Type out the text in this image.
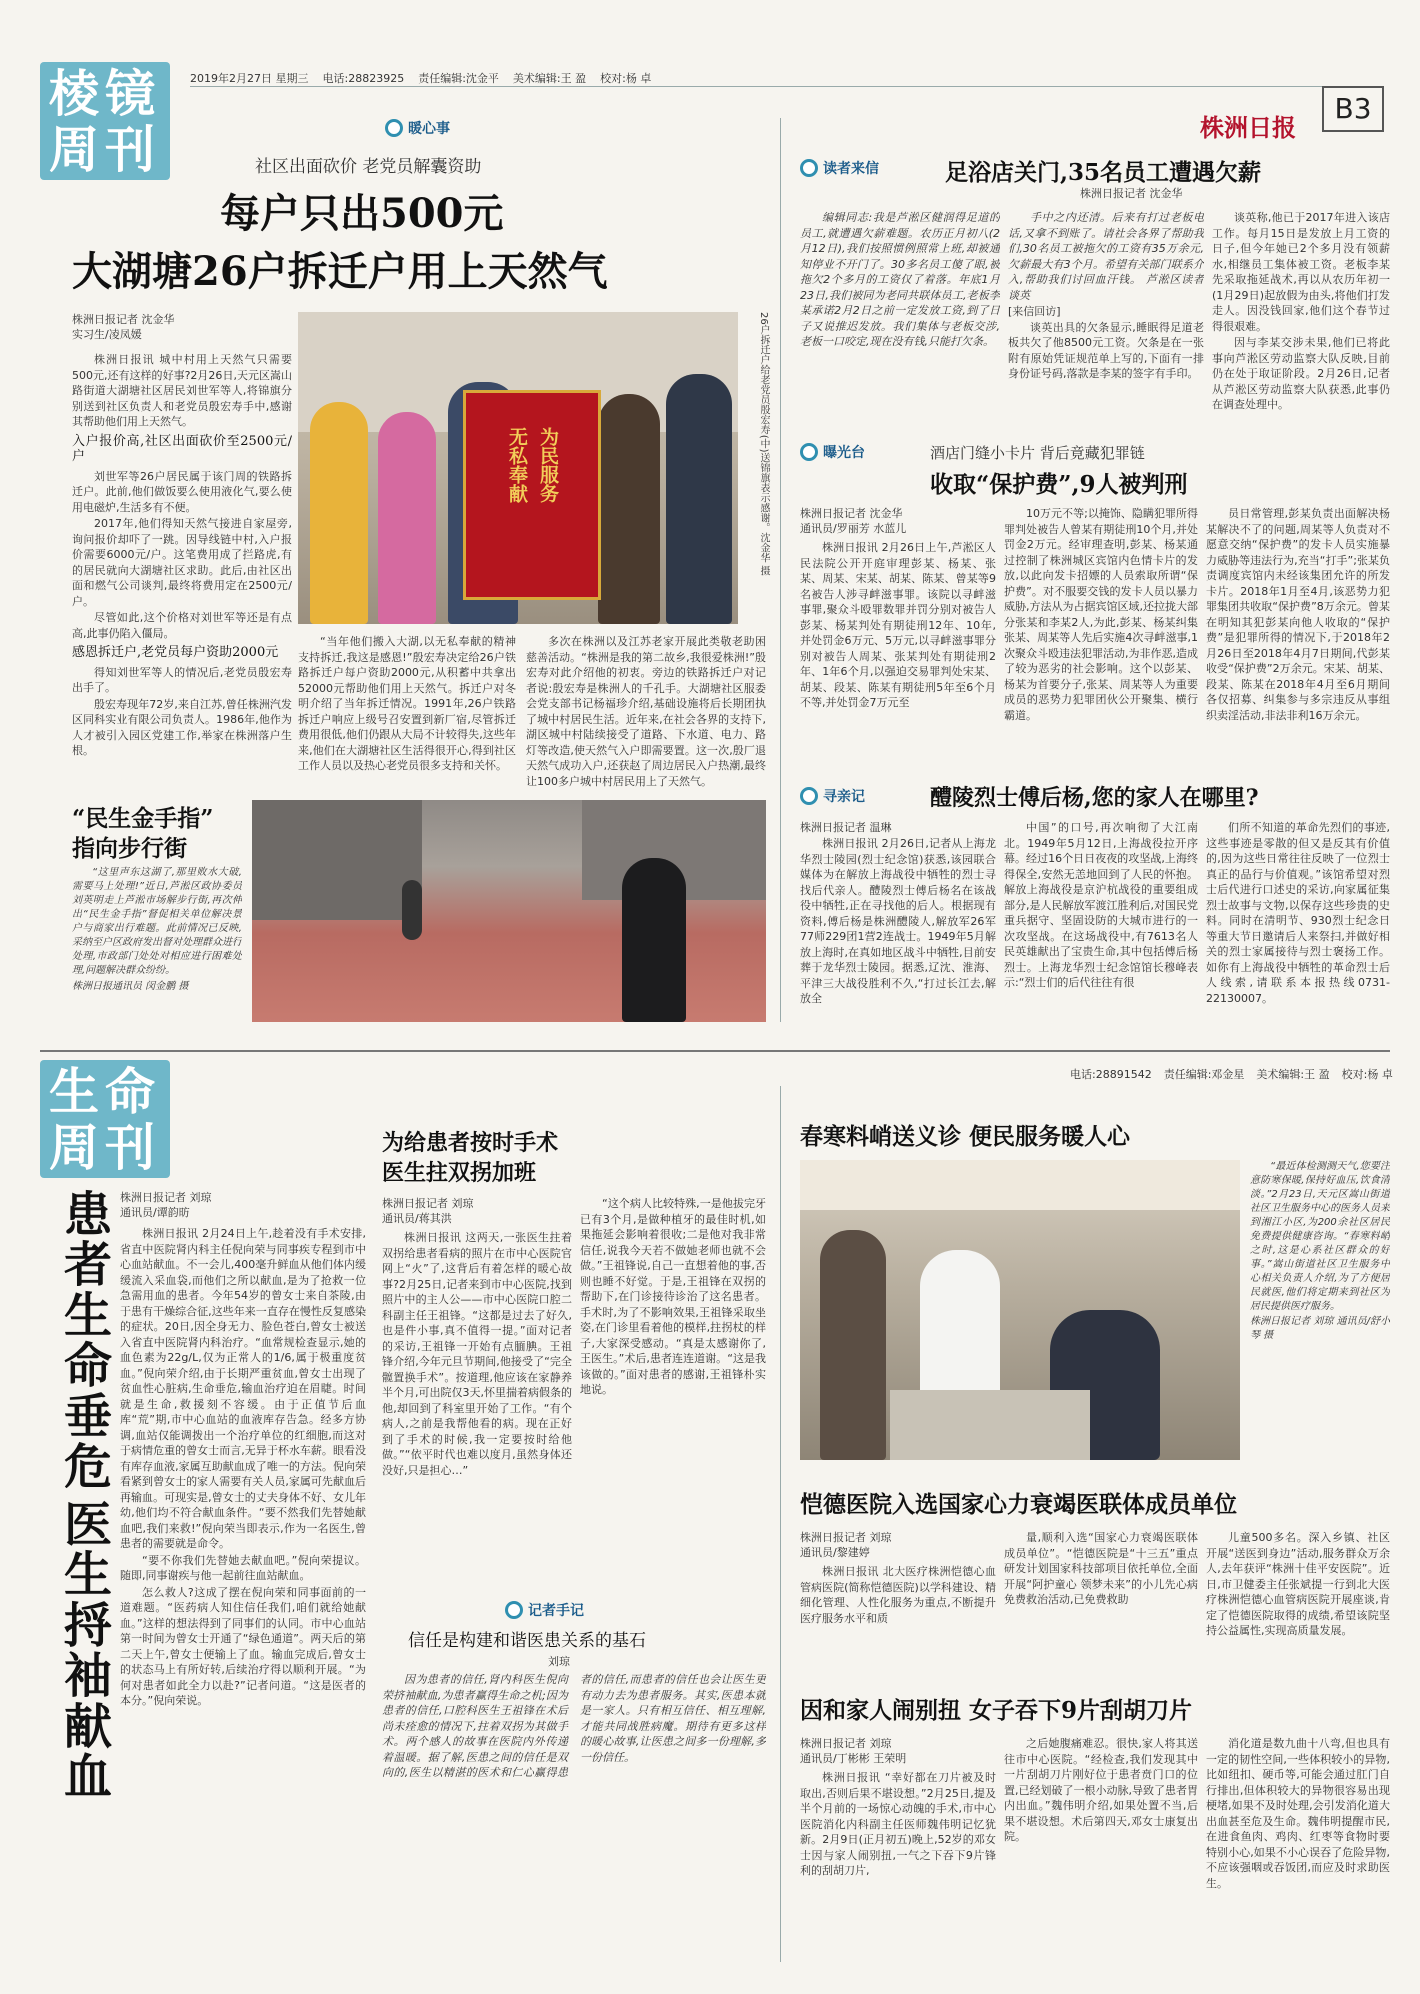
棱镜周刊
2019年2月27日 星期三 电话:28823925 责任编辑:沈金平 美术编辑:王 盈 校对:杨 卓
株洲日报
B3
暖心事
社区出面砍价 老党员解囊资助
每户只出500元
大湖塘26户拆迁户用上天然气
株洲日报记者 沈金华
实习生/凌凤媛

株洲日报讯 城中村用上天然气只需要500元,还有这样的好事?2月26日,天元区嵩山路街道大湖塘社区居民刘世军等人,将锦旗分别送到社区负责人和老党员殷宏寿手中,感谢其帮助他们用上天然气。

入户报价高,社区出面砍价至2500元/户

刘世军等26户居民属于该门周的铁路拆迁户。此前,他们做饭要么使用液化气,要么使用电磁炉,生活多有不便。

2017年,他们得知天然气接进自家屋旁,询问报价却吓了一跳。因导线链中村,入户报价需要6000元/户。这笔费用成了拦路虎,有的居民就向大湖塘社区求助。此后,由社区出面和燃气公司谈判,最终将费用定在2500元/户。

尽管如此,这个价格对刘世军等还是有点高,此事仍陷入僵局。

感恩拆迁户,老党员每户资助2000元

得知刘世军等人的情况后,老党员殷宏寿出手了。

殷宏寿现年72岁,来自江苏,曾任株洲汽发区同科实业有限公司负责人。1986年,他作为人才被引入园区党建工作,举家在株洲落户生根。

无私奉献 为民服务	26户拆迁户给老党员殷宏寿(中)送锦旗表示感谢。沈金华 摄

“当年他们搬入大湖,以无私奉献的精神支持拆迁,我这是感恩!”殷宏寿决定给26户铁路拆迁户每户资助2000元,从积蓄中共拿出52000元帮助他们用上天然气。拆迁户对冬明介绍了当年拆迁情况。1991年,26户铁路拆迁户响应上级号召安置到新厂宿,尽管拆迁费用很低,他们仍跟从大局不计较得失,这些年来,他们在大湖塘社区生活得很开心,得到社区工作人员以及热心老党员很多支持和关怀。

多次在株洲以及江苏老家开展此类敬老助困慈善活动。“株洲是我的第二故乡,我很爱株洲!”殷宏寿对此介绍他的初衷。旁边的铁路拆迁户对记者说:殷宏寿是株洲人的千孔手。大湖塘社区服委会党支部书记杨福珍介绍,基础设施将后长期团执了城中村居民生活。近年来,在社会各界的支持下,湖区城中村陆续接受了道路、下水道、电力、路灯等改造,使天然气入户即需要置。这一次,殷厂退天然气成功入户,还获赵了周边居民入户热潮,最终让100多户城中村居民用上了天然气。

“民生金手指”
指向步行街

“这里声东这湖了,那里败水大破,需要马上处理!”近日,芦淞区政协委员刘英明走上芦淞市场解步行街,再次伸出“民生金手指”督促相关单位解决景户与商家出行难题。此前情况已反映,采纳至户区政府发出督对处理群众进行处理,市政部门处处对相应进行困难处理,问题解决群众纷纷。

株洲日报通讯员 闵金鹏 摄
读者来信	足浴店关门,35名员工遭遇欠薪
株洲日报记者 沈金华

编辑同志:我是芦淞区健润得足道的员工,就遭遇欠薪难题。农历正月初八(2月12日),我们按照惯例照常上班,却被通知停业不开门了。30多名员工傻了眼,被拖欠2个多月的工资仅了着落。年底1月23日,我们被同为老同共联体员工,老板李某承诺2月2日之前一定发放工资,到了日子又说推迟发放。我们集体与老板交涉,老板一口咬定,现在没有钱,只能打欠条。

手中之内还清。后来有打过老板电话,又拿不到账了。请社会各界了帮助我们,30名员工被拖欠的工资有35万余元,欠薪最大有3个月。希望有关部门联系介入,帮助我们讨回血汗钱。 芦淞区读者 谈英

[来信回访]

谈英出具的欠条显示,睡眠得足道老板共欠了他8500元工资。欠条是在一张附有原始凭证规范单上写的,下面有一排身份证号码,落款是李某的签字有手印。

谈英称,他已于2017年进入该店工作。每月15日是发放上月工资的日子,但今年她已2个多月没有领薪水,相继员工集体被工资。老板李某先采取拖延战术,再以从农历年初一(1月29日)起放假为由头,将他们打发走人。因没钱回家,他们这个春节过得很艰难。

因与李某交涉未果,他们已将此事向芦淞区劳动监察大队反映,目前仍在处于取证阶段。2月26日,记者从芦淞区劳动监察大队获悉,此事仍在调查处理中。

曝光台	酒店门缝小卡片 背后竟藏犯罪链
收取“保护费”,9人被判刑
株洲日报记者 沈金华
通讯员/罗丽芳 水蓝儿

株洲日报讯 2月26日上午,芦淞区人民法院公开开庭审理彭某、杨某、张某、周某、宋某、胡某、陈某、曾某等9名被告人涉寻衅滋事罪。该院以寻衅滋事罪,聚众斗殴罪数罪并罚分别对被告人彭某、杨某判处有期徒刑12年、10年,并处罚金6万元、5万元,以寻衅滋事罪分别对被告人周某、张某判处有期徒刑2年、1年6个月,以强迫交易罪判处宋某、胡某、段某、陈某有期徒刑5年至6个月不等,并处罚金7万元至

10万元不等;以掩饰、隐瞒犯罪所得罪判处被告人曾某有期徒刑10个月,并处罚金2万元。经审理查明,彭某、杨某通过控制了株洲城区宾馆内色情卡片的发放,以此向发卡招嫖的人员索取所谓“保护费”。对不服要交钱的发卡人员以暴力威胁,方法从为占据宾馆区域,还拉拢大部分张某和李某2人,为此,彭某、杨某纠集张某、周某等人先后实施4次寻衅滋事,1次聚众斗殴违法犯罪活动,为非作恶,造成了较为恶劣的社会影响。这个以彭某、杨某为首要分子,张某、周某等人为重要成员的恶势力犯罪团伙公开聚集、横行霸道。

员日常管理,彭某负责出面解决杨某解决不了的问题,周某等人负责对不愿意交纳“保护费”的发卡人员实施暴力威胁等违法行为,充当“打手”;张某负责调度宾馆内未经该集团允许的所发卡片。2018年1月至4月,该恶势力犯罪集团共收取“保护费”8万余元。曾某在明知其犯彭某向他人收取的“保护费”是犯罪所得的情况下,于2018年2月26日至2018年4月7日期间,代彭某收受“保护费”2万余元。宋某、胡某、段某、陈某在2018年4月至6月期间各仅招募、纠集参与多宗违反从事组织卖淫活动,非法非利16万余元。

寻亲记	醴陵烈士傅后杨,您的家人在哪里?
株洲日报记者 温琳

株洲日报讯 2月26日,记者从上海龙华烈士陵园(烈士纪念馆)获悉,该园联合媒体为在解放上海战役中牺牲的烈士寻找后代亲人。醴陵烈士傅后杨名在该战役中牺牲,正在寻找他的后人。根据现有资料,傅后杨是株洲醴陵人,解放军26军77师229团1营2连战士。1949年5月解放上海时,在真如地区战斗中牺牲,目前安葬于龙华烈士陵园。据悉,辽沈、淮海、平津三大战役胜利不久,“打过长江去,解放全

中国”的口号,再次响彻了大江南北。1949年5月12日,上海战役拉开序幕。经过16个日日夜夜的攻坚战,上海终得保全,安然无恙地回到了人民的怀抱。解放上海战役是京沪杭战役的重要组成部分,是人民解放军渡江胜利后,对国民党重兵据守、坚固设防的大城市进行的一次攻坚战。在这场战役中,有7613名人民英雄献出了宝贵生命,其中包括傅后杨烈士。上海龙华烈士纪念馆馆长穆峰表示:“烈士们的后代往往有很

们所不知道的革命先烈们的事迹,这些事迹是零散的但又是反其有价值的,因为这些日常往往反映了一位烈士真正的品行与价值观。”该馆希望对烈士后代进行口述史的采访,向家属征集烈士故事与文物,以保存这些珍贵的史料。同时在清明节、930烈士纪念日等重大节日邀请后人来祭扫,并做好相关的烈士家属接待与烈士褒扬工作。如你有上海战役中牺牲的革命烈士后人线索,请联系本报热线0731-22130007。

生命周刊
电话:28891542 责任编辑:邓金星 美术编辑:王 盈 校对:杨 卓
患者生命垂危
医生捋袖献血
株洲日报记者 刘琼
通讯员/谭韵昉

株洲日报讯 2月24日上午,趁着没有手术安排,省直中医院肾内科主任倪向荣与同事疾专程到市中心血站献血。不一会儿,400毫升鲜血从他们体内缓缓流入采血袋,而他们之所以献血,是为了抢救一位急需用血的患者。今年54岁的曾女士来自茶陵,由于患有干燥综合征,这些年来一直存在慢性反复感染的症状。20日,因全身无力、脸色苍白,曾女士被送入省直中医院肾内科治疗。“血常规检查显示,她的血色素为22g/L,仅为正常人的1/6,属于极重度贫血。”倪向荣介绍,由于长期严重贫血,曾女士出现了贫血性心脏病,生命垂危,输血治疗迫在眉睫。时间就是生命,救援刻不容缓。由于正值节后血库“荒”期,市中心血站的血液库存告急。经多方协调,血站仅能调拨出一个治疗单位的红细胞,而这对于病情危重的曾女士而言,无异于杯水车薪。眼看没有库存血液,家属互助献血成了唯一的方法。倪向荣看紧到曾女士的家人需要有关人员,家属可先献血后再输血。可现实是,曾女士的丈夫身体不好、女儿年幼,他们均不符合献血条件。“要不然我们先替她献血吧,我们来救!”倪向荣当即表示,作为一名医生,曾患者的需要就是命令。

“要不你我们先替她去献血吧。”倪向荣提议。随即,同事谢疾与他一起前往血站献血。

怎么救人?这成了摆在倪向荣和同事面前的一道难题。“医药病人知住信任我们,咱们就给她献血。”这样的想法得到了同事们的认同。市中心血站第一时间为曾女士开通了“绿色通道”。两天后的第二天上午,曾女士便输上了血。输血完成后,曾女士的状态马上有所好转,后续治疗得以顺利开展。“为何对患者如此全力以赴?”记者问道。“这是医者的本分。”倪向荣说。

为给患者按时手术
医生拄双拐加班
株洲日报记者 刘琼
通讯员/蒋其洪

株洲日报讯 这两天,一张医生拄着双拐给患者看病的照片在市中心医院官网上“火”了,这背后有着怎样的暖心故事?2月25日,记者来到市中心医院,找到照片中的主人公——市中心医院口腔二科副主任王祖锋。“这都是过去了好久,也是件小事,真不值得一提。”面对记者的采访,王祖锋一开始有点腼腆。王祖锋介绍,今年元旦节期间,他接受了“完全髋置换手术”。按道理,他应该在家静养半个月,可出院仅3天,怀里揣着病假条的他,却回到了科室里开始了工作。“有个病人,之前是我帮他看的病。现在正好到了手术的时候,我一定要按时给他做。”“依平时代也难以度月,虽然身体还没好,只是担心…”

“这个病人比较特殊,一是他拔完牙已有3个月,是做种植牙的最佳时机,如果拖延会影响着很收;二是他对我非常信任,说我今天若不做她老师也就不会做。”王祖锋说,自己一直想着他的事,否则也睡不好觉。于是,王祖锋在双拐的帮助下,在门诊接待诊治了这名患者。手术时,为了不影响效果,王祖锋采取坐姿,在门诊里看着他的模样,拄拐杖的样子,大家深受感动。“真是太感谢你了,王医生。”术后,患者连连道谢。“这是我该做的。”面对患者的感谢,王祖锋朴实地说。

记者手记
信任是构建和谐医患关系的基石
刘琼

因为患者的信任,肾内科医生倪向荣挤袖献血,为患者赢得生命之机;因为患者的信任,口腔科医生王祖锋在术后尚未痊愈的情况下,拄着双拐为其做手术。两个感人的故事在医院内外传递着温暖。据了解,医患之间的信任是双向的,医生以精湛的医术和仁心赢得患者的信任,而患者的信任也会让医生更有动力去为患者服务。其实,医患本就是一家人。只有相互信任、相互理解,才能共同战胜病魔。期待有更多这样的暖心故事,让医患之间多一份理解,多一份信任。

春寒料峭送义诊 便民服务暖人心

“最近体检测测天气,您要注意防寒保暖,保持好血压,饮食清淡。”2月23日,天元区嵩山街道社区卫生服务中心的医务人员来到湘江小区,为200余社区居民免费提供健康咨询。“春寒料峭之时,这是心系社区群众的好事。”嵩山街道社区卫生服务中心相关负责人介绍,为了方便居民就医,他们将定期来到社区为居民提供医疗服务。

株洲日报记者 刘琼 通讯员/舒小琴 摄
恺德医院入选国家心力衰竭医联体成员单位
株洲日报记者 刘琼
通讯员/黎建婷

株洲日报讯 北大医疗株洲恺德心血管病医院(简称恺德医院)以学科建设、精细化管理、人性化服务为重点,不断提升医疗服务水平和质

量,顺利入选“国家心力衰竭医联体成员单位”。“恺德医院是“十三五”重点研发计划国家科技部项目依托单位,全面开展“阿护童心 领梦未来”的小儿先心病免费救治活动,已免费救助

儿童500多名。深入乡镇、社区开展“送医到身边”活动,服务群众万余人,去年获评“株洲十佳平安医院”。近日,市卫健委主任张斌提一行到北大医疗株洲恺德心血管病医院开展座谈,肯定了恺德医院取得的成绩,希望该院坚持公益属性,实现高质量发展。

因和家人闹别扭 女子吞下9片刮胡刀片
株洲日报记者 刘琼
通讯员/丁彬彬 王荣明

株洲日报讯 “幸好都在刀片被及时取出,否则后果不堪设想。”2月25日,提及半个月前的一场惊心动魄的手术,市中心医院消化内科副主任医师魏伟明记忆犹新。2月9日(正月初五)晚上,52岁的邓女士因与家人闹别扭,一气之下吞下9片锋利的刮胡刀片,

之后她腹痛难忍。很快,家人将其送往市中心医院。“经检查,我们发现其中一片刮胡刀片刚好位于患者贲门口的位置,已经划破了一根小动脉,导致了患者胃内出血。”魏伟明介绍,如果处置不当,后果不堪设想。术后第四天,邓女士康复出院。

消化道是数九曲十八弯,但也具有一定的韧性空间,一些体积较小的异物,比如纽扣、硬币等,可能会通过肛门自行排出,但体积较大的异物很容易出现梗堵,如果不及时处理,会引发消化道大出血甚至危及生命。魏伟明提醒市民,在进食鱼肉、鸡肉、红枣等食物时要特别小心,如果不小心误吞了危险异物,不应该强咽或吞饭团,而应及时求助医生。
